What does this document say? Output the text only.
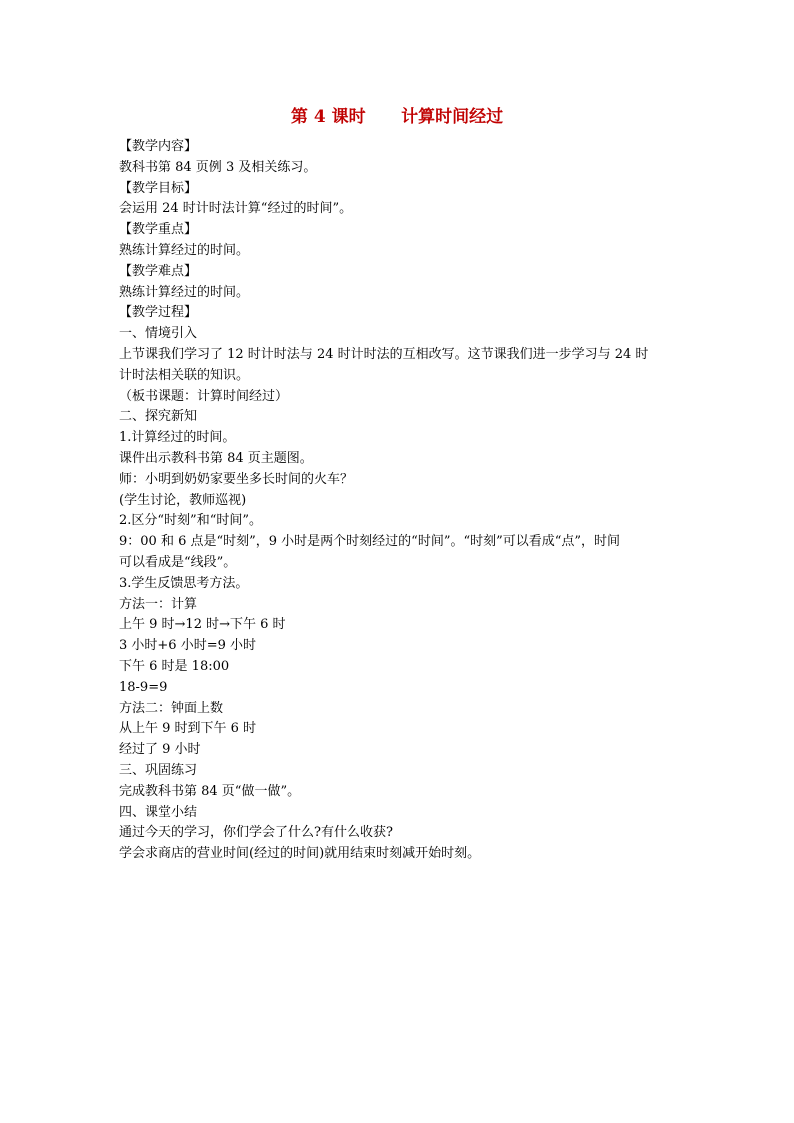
第 4 课时      计算时间经过
【教学内容】
教科书第 84 页例 3 及相关练习。
【教学目标】
会运用 24 时计时法计算“经过的时间”。
【教学重点】
熟练计算经过的时间。
【教学难点】
熟练计算经过的时间。
【教学过程】
一、情境引入
上节课我们学习了 12 时计时法与 24 时计时法的互相改写。这节课我们进一步学习与 24 时
计时法相关联的知识。
（板书课题：计算时间经过）
二、探究新知
1.计算经过的时间。
课件出示教科书第 84 页主题图。
师：小明到奶奶家要坐多长时间的火车？
(学生讨论，教师巡视)
2.区分“时刻”和“时间”。
9：00 和 6 点是“时刻”，9 小时是两个时刻经过的“时间”。“时刻”可以看成“点”，时间
可以看成是“线段”。
3.学生反馈思考方法。
方法一：计算
上午 9 时→12 时→下午 6 时
3 小时+6 小时=9 小时
下午 6 时是 18:00
18-9=9
方法二：钟面上数
从上午 9 时到下午 6 时
经过了 9 小时
三、巩固练习
完成教科书第 84 页“做一做”。
四、课堂小结
通过今天的学习，你们学会了什么?有什么收获?
学会求商店的营业时间(经过的时间)就用结束时刻减开始时刻。
